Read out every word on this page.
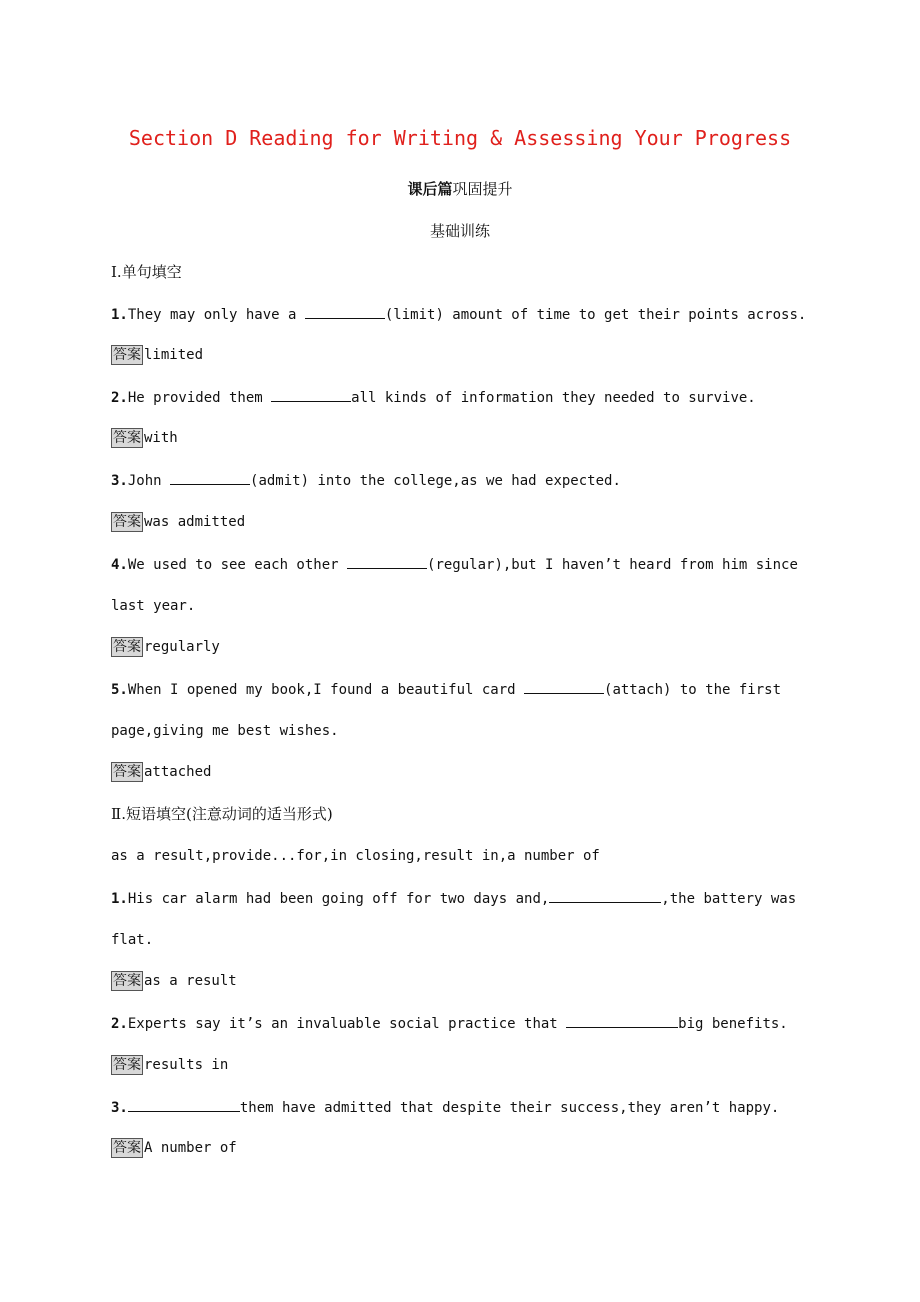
Section D Reading for Writing & Assessing Your Progress
课后篇巩固提升
基础训练
Ⅰ.单句填空
1.They may only have a	(limit) amount of time to get their points across.
答案 limited
2.He provided them	all kinds of information they needed to survive.
答案 with
3.John	(admit) into the college,as we had expected.
答案 was admitted
4.We used to see each other	(regular),but I haven’t heard from him since
last year.
答案 regularly
5.When I opened my book,I found a beautiful card	(attach) to the first
page,giving me best wishes.
答案 attached
Ⅱ.短语填空(注意动词的适当形式)
as a result,provide...for,in closing,result in,a number of
1.His car alarm had been going off for two days and,	,the battery was
flat.
答案 as a result
2.Experts say it’s an invaluable social practice that	big benefits.
答案 results in
3.	them have admitted that despite their success,they aren’t happy.
答案 A number of
